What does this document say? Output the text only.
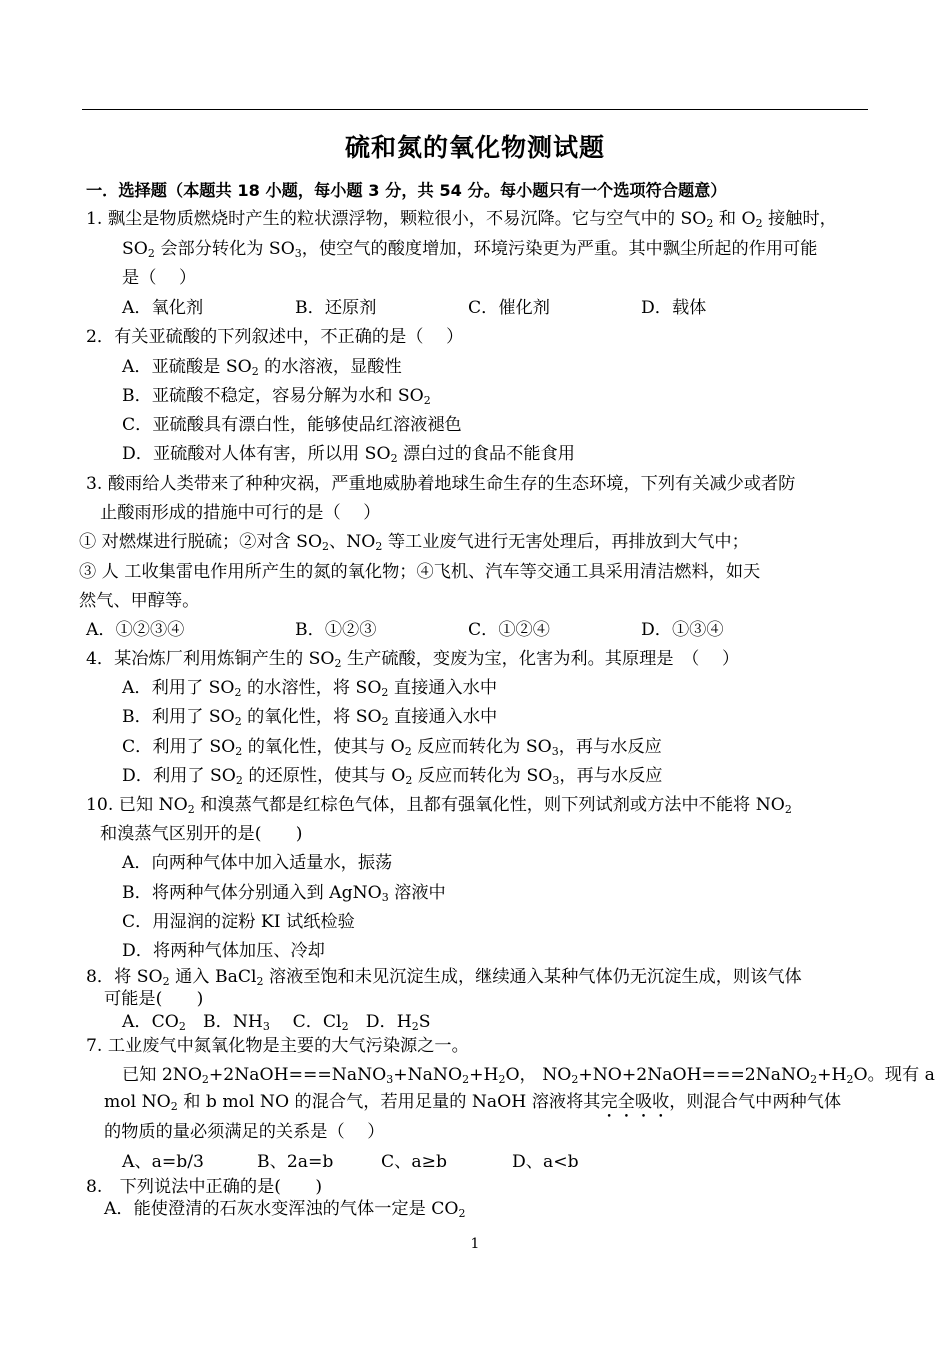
硫和氮的氧化物测试题
一．选择题（本题共 18 小题，每小题 3 分，共 54 分。每小题只有一个选项符合题意）
1. 飘尘是物质燃烧时产生的粒状漂浮物，颗粒很小，不易沉降。它与空气中的 $SO_2$ 和 $O_2$ 接触时，
$SO_2$ 会部分转化为 $SO_3$，使空气的酸度增加，环境污染更为严重。其中飘尘所起的作用可能
是（　 ）
A．氧化剂	B．还原剂	C．催化剂	D．载体
2．有关亚硫酸的下列叙述中，不正确的是（　 ）
A．亚硫酸是 $SO_2$ 的水溶液，显酸性
B．亚硫酸不稳定，容易分解为水和 $SO_2$
C．亚硫酸具有漂白性，能够使品红溶液褪色
D．亚硫酸对人体有害，所以用 $SO_2$ 漂白过的食品不能食用
3. 酸雨给人类带来了种种灾祸，严重地威胁着地球生命生存的生态环境，下列有关减少或者防
止酸雨形成的措施中可行的是（　 ）
① 对燃煤进行脱硫；②对含 $SO_2$、$NO_2$ 等工业废气进行无害处理后，再排放到大气中；
③ 人 工收集雷电作用所产生的氮的氧化物；④飞机、汽车等交通工具采用清洁燃料，如天
然气、甲醇等。
A．①②③④	B．①②③	C．①②④	D．①③④
4．某冶炼厂利用炼铜产生的 $SO_2$ 生产硫酸，变废为宝，化害为利。其原理是　（　 ）
A．利用了 $SO_2$ 的水溶性，将 $SO_2$ 直接通入水中
B．利用了 $SO_2$ 的氧化性，将 $SO_2$ 直接通入水中
C．利用了 $SO_2$ 的氧化性，使其与 $O_2$ 反应而转化为 $SO_3$，再与水反应
D．利用了 $SO_2$ 的还原性，使其与 $O_2$ 反应而转化为 $SO_3$，再与水反应
10. 已知 $NO_2$ 和溴蒸气都是红棕色气体，且都有强氧化性，则下列试剂或方法中不能将 $NO_2$
和溴蒸气区别开的是(　　)
A．向两种气体中加入适量水，振荡
B．将两种气体分别通入到 AgNO$_3$ 溶液中
C．用湿润的淀粉 KI 试纸检验
D．将两种气体加压、冷却
8．将 $SO_2$ 通入 BaCl$_2$ 溶液至饱和未见沉淀生成，继续通入某种气体仍无沉淀生成，则该气体
可能是(　　)
A．$CO_2$　 B．$NH_3$　 C．$Cl_2$　 D．$H_2S$
7. 工业废气中氮氧化物是主要的大气污染源之一。
已知 $2NO_2+2NaOH===NaNO_3+NaNO_2+H_2O$， $NO_2+NO+2NaOH===2NaNO_2+H_2O$。现有 a
mol $NO_2$ 和 b mol NO 的混合气，若用足量的 NaOH 溶液将其完全吸收，则混合气中两种气体
的物质的量必须满足的关系是（　 ）
A、a=b/3	B、2a=b	C、a≥b	D、a<b
8.　下列说法中正确的是(　　)
A．能使澄清的石灰水变浑浊的气体一定是 $CO_2$
1
